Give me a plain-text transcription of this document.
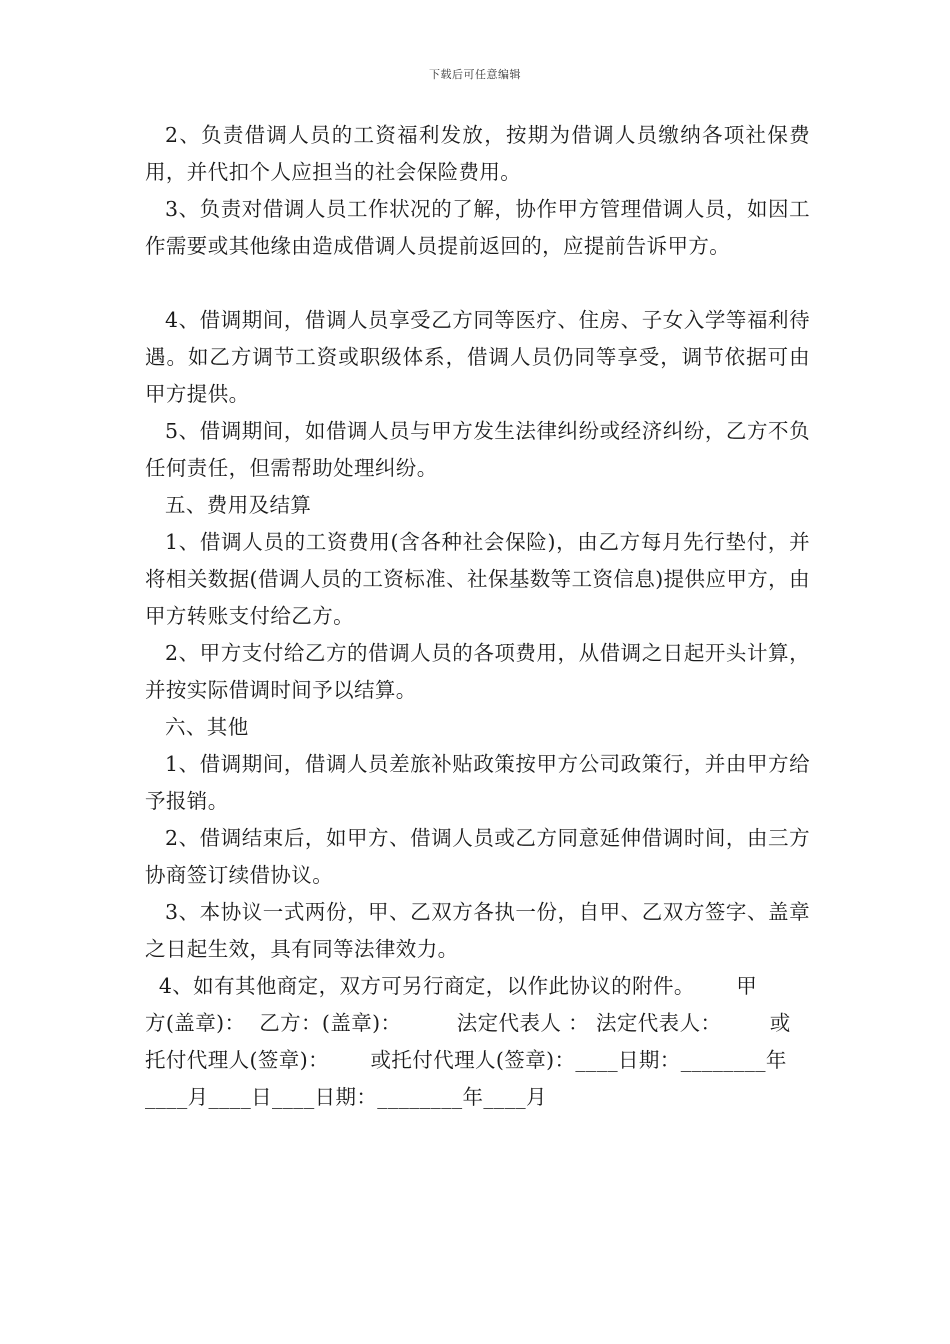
下载后可任意编辑

2、负责借调人员的工资福利发放，按期为借调人员缴纳各项社保费用，并代扣个人应担当的社会保险费用。

3、负责对借调人员工作状况的了解，协作甲方管理借调人员，如因工作需要或其他缘由造成借调人员提前返回的，应提前告诉甲方。

4、借调期间，借调人员享受乙方同等医疗、住房、子女入学等福利待遇。如乙方调节工资或职级体系，借调人员仍同等享受，调节依据可由甲方提供。

5、借调期间，如借调人员与甲方发生法律纠纷或经济纠纷，乙方不负任何责任，但需帮助处理纠纷。

五、费用及结算

1、借调人员的工资费用(含各种社会保险)，由乙方每月先行垫付，并将相关数据(借调人员的工资标准、社保基数等工资信息)提供应甲方，由甲方转账支付给乙方。

2、甲方支付给乙方的借调人员的各项费用，从借调之日起开头计算，并按实际借调时间予以结算。

六、其他

1、借调期间，借调人员差旅补贴政策按甲方公司政策行，并由甲方给予报销。

2、借调结束后，如甲方、借调人员或乙方同意延伸借调时间，由三方协商签订续借协议。

3、本协议一式两份，甲、乙双方各执一份，自甲、乙双方签字、盖章之日起生效，具有同等法律效力。

4、如有其他商定，双方可另行商定，以作此协议的附件。      甲

方(盖章)：  乙方：(盖章)：        法定代表人 ： 法定代表人：       或

托付代理人(签章)：      或托付代理人(签章)：____日期：________年

____月____日____日期：________年____月
